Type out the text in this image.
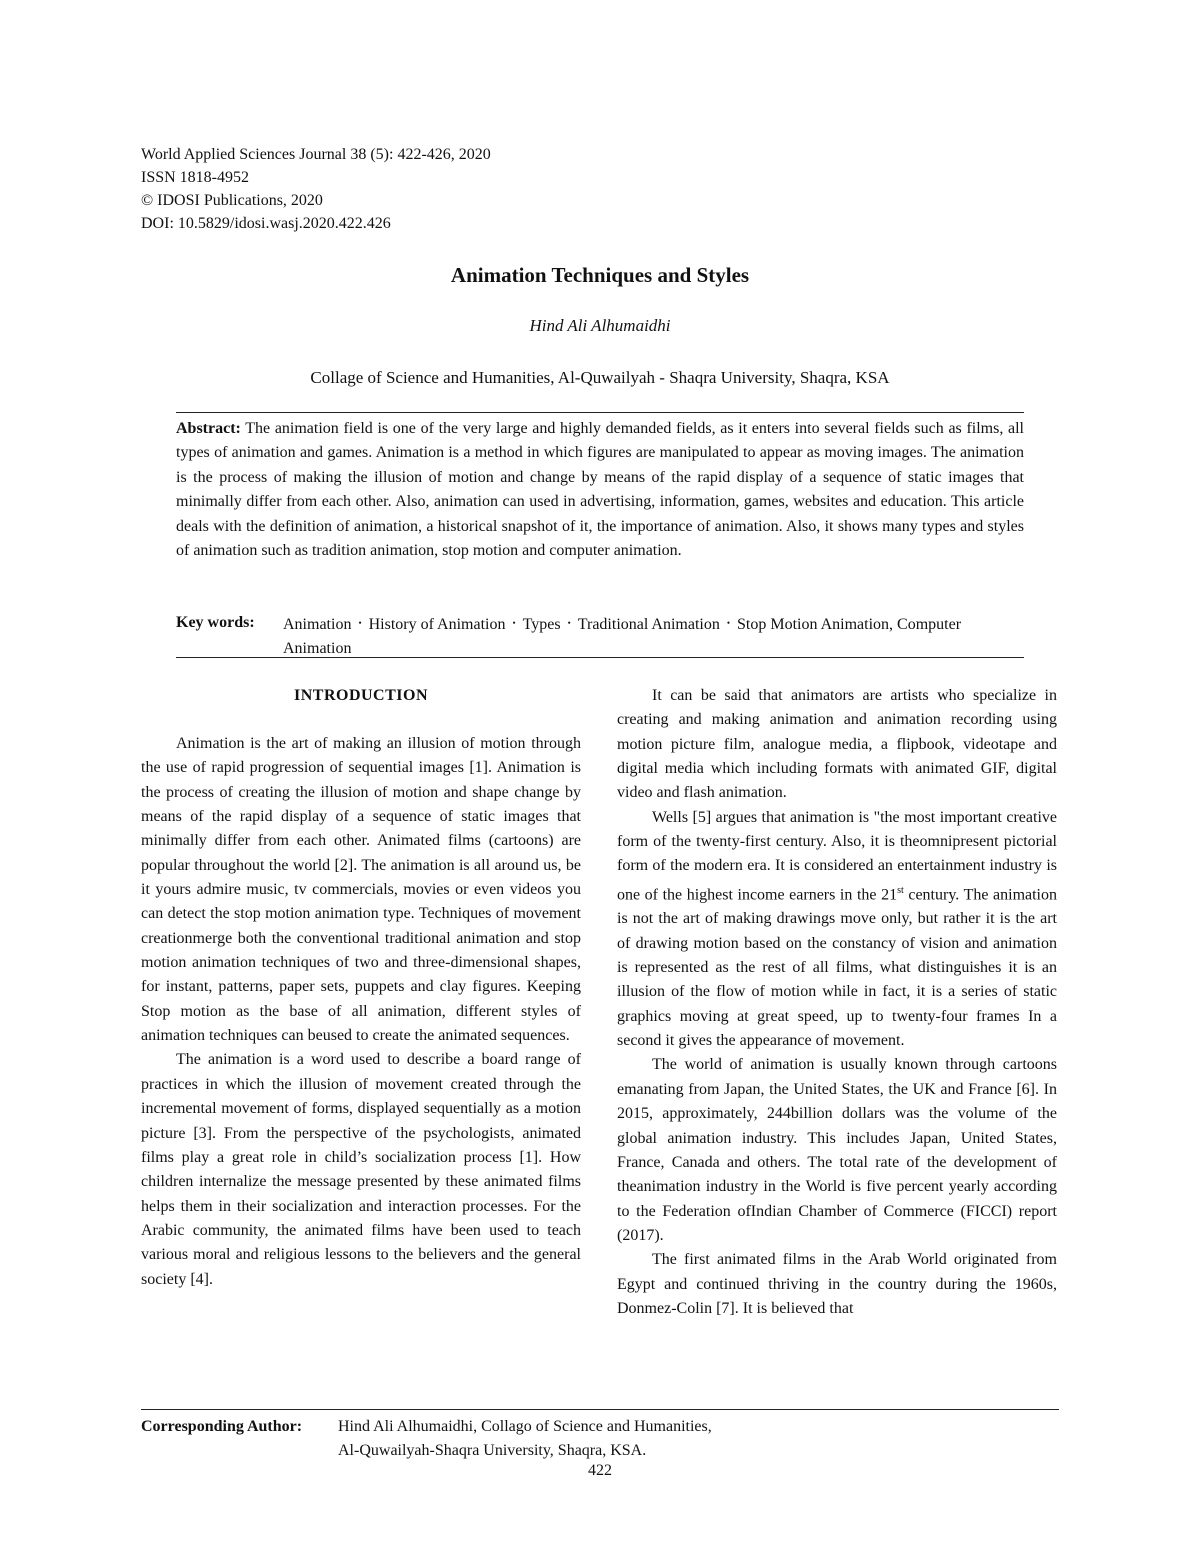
World Applied Sciences Journal 38 (5): 422-426, 2020
ISSN 1818-4952
© IDOSI Publications, 2020
DOI: 10.5829/idosi.wasj.2020.422.426
Animation Techniques and Styles
Hind Ali Alhumaidhi
Collage of Science and Humanities, Al-Quwailyah - Shaqra University, Shaqra, KSA
Abstract: The animation field is one of the very large and highly demanded fields, as it enters into several fields such as films, all types of animation and games. Animation is a method in which figures are manipulated to appear as moving images. The animation is the process of making the illusion of motion and change by means of the rapid display of a sequence of static images that minimally differ from each other. Also, animation can used in advertising, information, games, websites and education. This article deals with the definition of animation, a historical snapshot of it, the importance of animation. Also, it shows many types and styles of animation such as tradition animation, stop motion and computer animation.
Key words: Animation • History of Animation • Types • Traditional Animation • Stop Motion Animation, Computer Animation
INTRODUCTION

Animation is the art of making an illusion of motion through the use of rapid progression of sequential images [1]. Animation is the process of creating the illusion of motion and shape change by means of the rapid display of a sequence of static images that minimally differ from each other. Animated films (cartoons) are popular throughout the world [2]. The animation is all around us, be it yours admire music, tv commercials, movies or even videos you can detect the stop motion animation type. Techniques of movement creationmerge both the conventional traditional animation and stop motion animation techniques of two and three-dimensional shapes, for instant, patterns, paper sets, puppets and clay figures. Keeping Stop motion as the base of all animation, different styles of animation techniques can beused to create the animated sequences.

The animation is a word used to describe a board range of practices in which the illusion of movement created through the incremental movement of forms, displayed sequentially as a motion picture [3]. From the perspective of the psychologists, animated films play a great role in child’s socialization process [1]. How children internalize the message presented by these animated films helps them in their socialization and interaction processes. For the Arabic community, the animated films have been used to teach various moral and religious lessons to the believers and the general society [4].

It can be said that animators are artists who specialize in creating and making animation and animation recording using motion picture film, analogue media, a flipbook, videotape and digital media which including formats with animated GIF, digital video and flash animation.

Wells [5] argues that animation is "the most important creative form of the twenty-first century. Also, it is theomnipresent pictorial form of the modern era. It is considered an entertainment industry is one of the highest income earners in the 21st century. The animation is not the art of making drawings move only, but rather it is the art of drawing motion based on the constancy of vision and animation is represented as the rest of all films, what distinguishes it is an illusion of the flow of motion while in fact, it is a series of static graphics moving at great speed, up to twenty-four frames In a second it gives the appearance of movement.

The world of animation is usually known through cartoons emanating from Japan, the United States, the UK and France [6]. In 2015, approximately, 244billion dollars was the volume of the global animation industry. This includes Japan, United States, France, Canada and others. The total rate of the development of theanimation industry in the World is five percent yearly according to the Federation ofIndian Chamber of Commerce (FICCI) report (2017).

The first animated films in the Arab World originated from Egypt and continued thriving in the country during the 1960s, Donmez-Colin [7]. It is believed that

Corresponding Author: Hind Ali Alhumaidhi, Collago of Science and Humanities,
Al-Quwailyah-Shaqra University, Shaqra, KSA.
422
